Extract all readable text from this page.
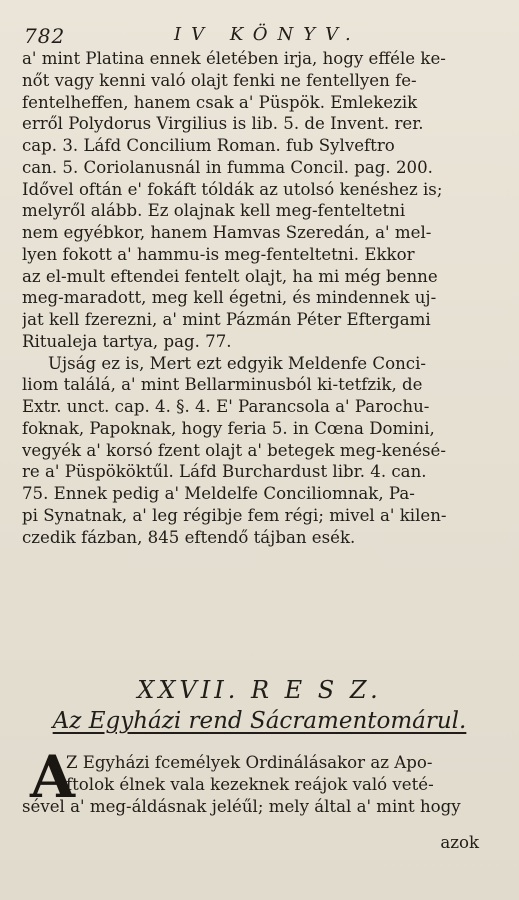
782	IV KÖNYV.
a' mint Platina ennek életében irja, hogy efféle ke-
nőt vagy kenni való olajt fenki ne fentellyen fe-
fentelheffen, hanem csak a' Püspök. Emlekezik
erről Polydorus Virgilius is lib. 5. de Invent. rer.
cap. 3. Láfd Concilium Roman. fub Sylveftro
can. 5. Coriolanusnál in fumma Concil. pag. 200.
Idővel oftán e' fokáft tóldák az utolsó kenéshez is;
melyről alább. Ez olajnak kell meg-fenteltetni
nem egyébkor, hanem Hamvas Szeredán, a' mel-
lyen fokott a' hammu-is meg-fenteltetni. Ekkor
az el-mult eftendei fentelt olajt, ha mi még benne
meg-maradott, meg kell égetni, és mindennek uj-
jat kell fzerezni, a' mint Pázmán Péter Eftergami
Ritualeja tartya, pag. 77.
Ujság ez is, Mert ezt edgyik Meldenfe Conci-
liom találá, a' mint Bellarminusból ki-tetfzik, de
Extr. unct. cap. 4. §. 4. E' Parancsola a' Parochu-
foknak, Papoknak, hogy feria 5. in Cœna Domini,
vegyék a' korsó fzent olajt a' betegek meg-kenésé-
re a' Püspököktűl. Láfd Burchardust libr. 4. can.
75. Ennek pedig a' Meldelfe Conciliomnak, Pa-
pi Synatnak, a' leg régibje fem régi; mivel a' kilen-
czedik fázban, 845 eftendő tájban esék.
XXVII. R E S Z.
Az Egyházi rend Sácramentomárul.
A
Z Egyházi fcemélyek Ordinálásakor az Apo-
ftolok élnek vala kezeknek reájok való veté-
sével a' meg-áldásnak jeléűl; mely által a' mint hogy
azok
